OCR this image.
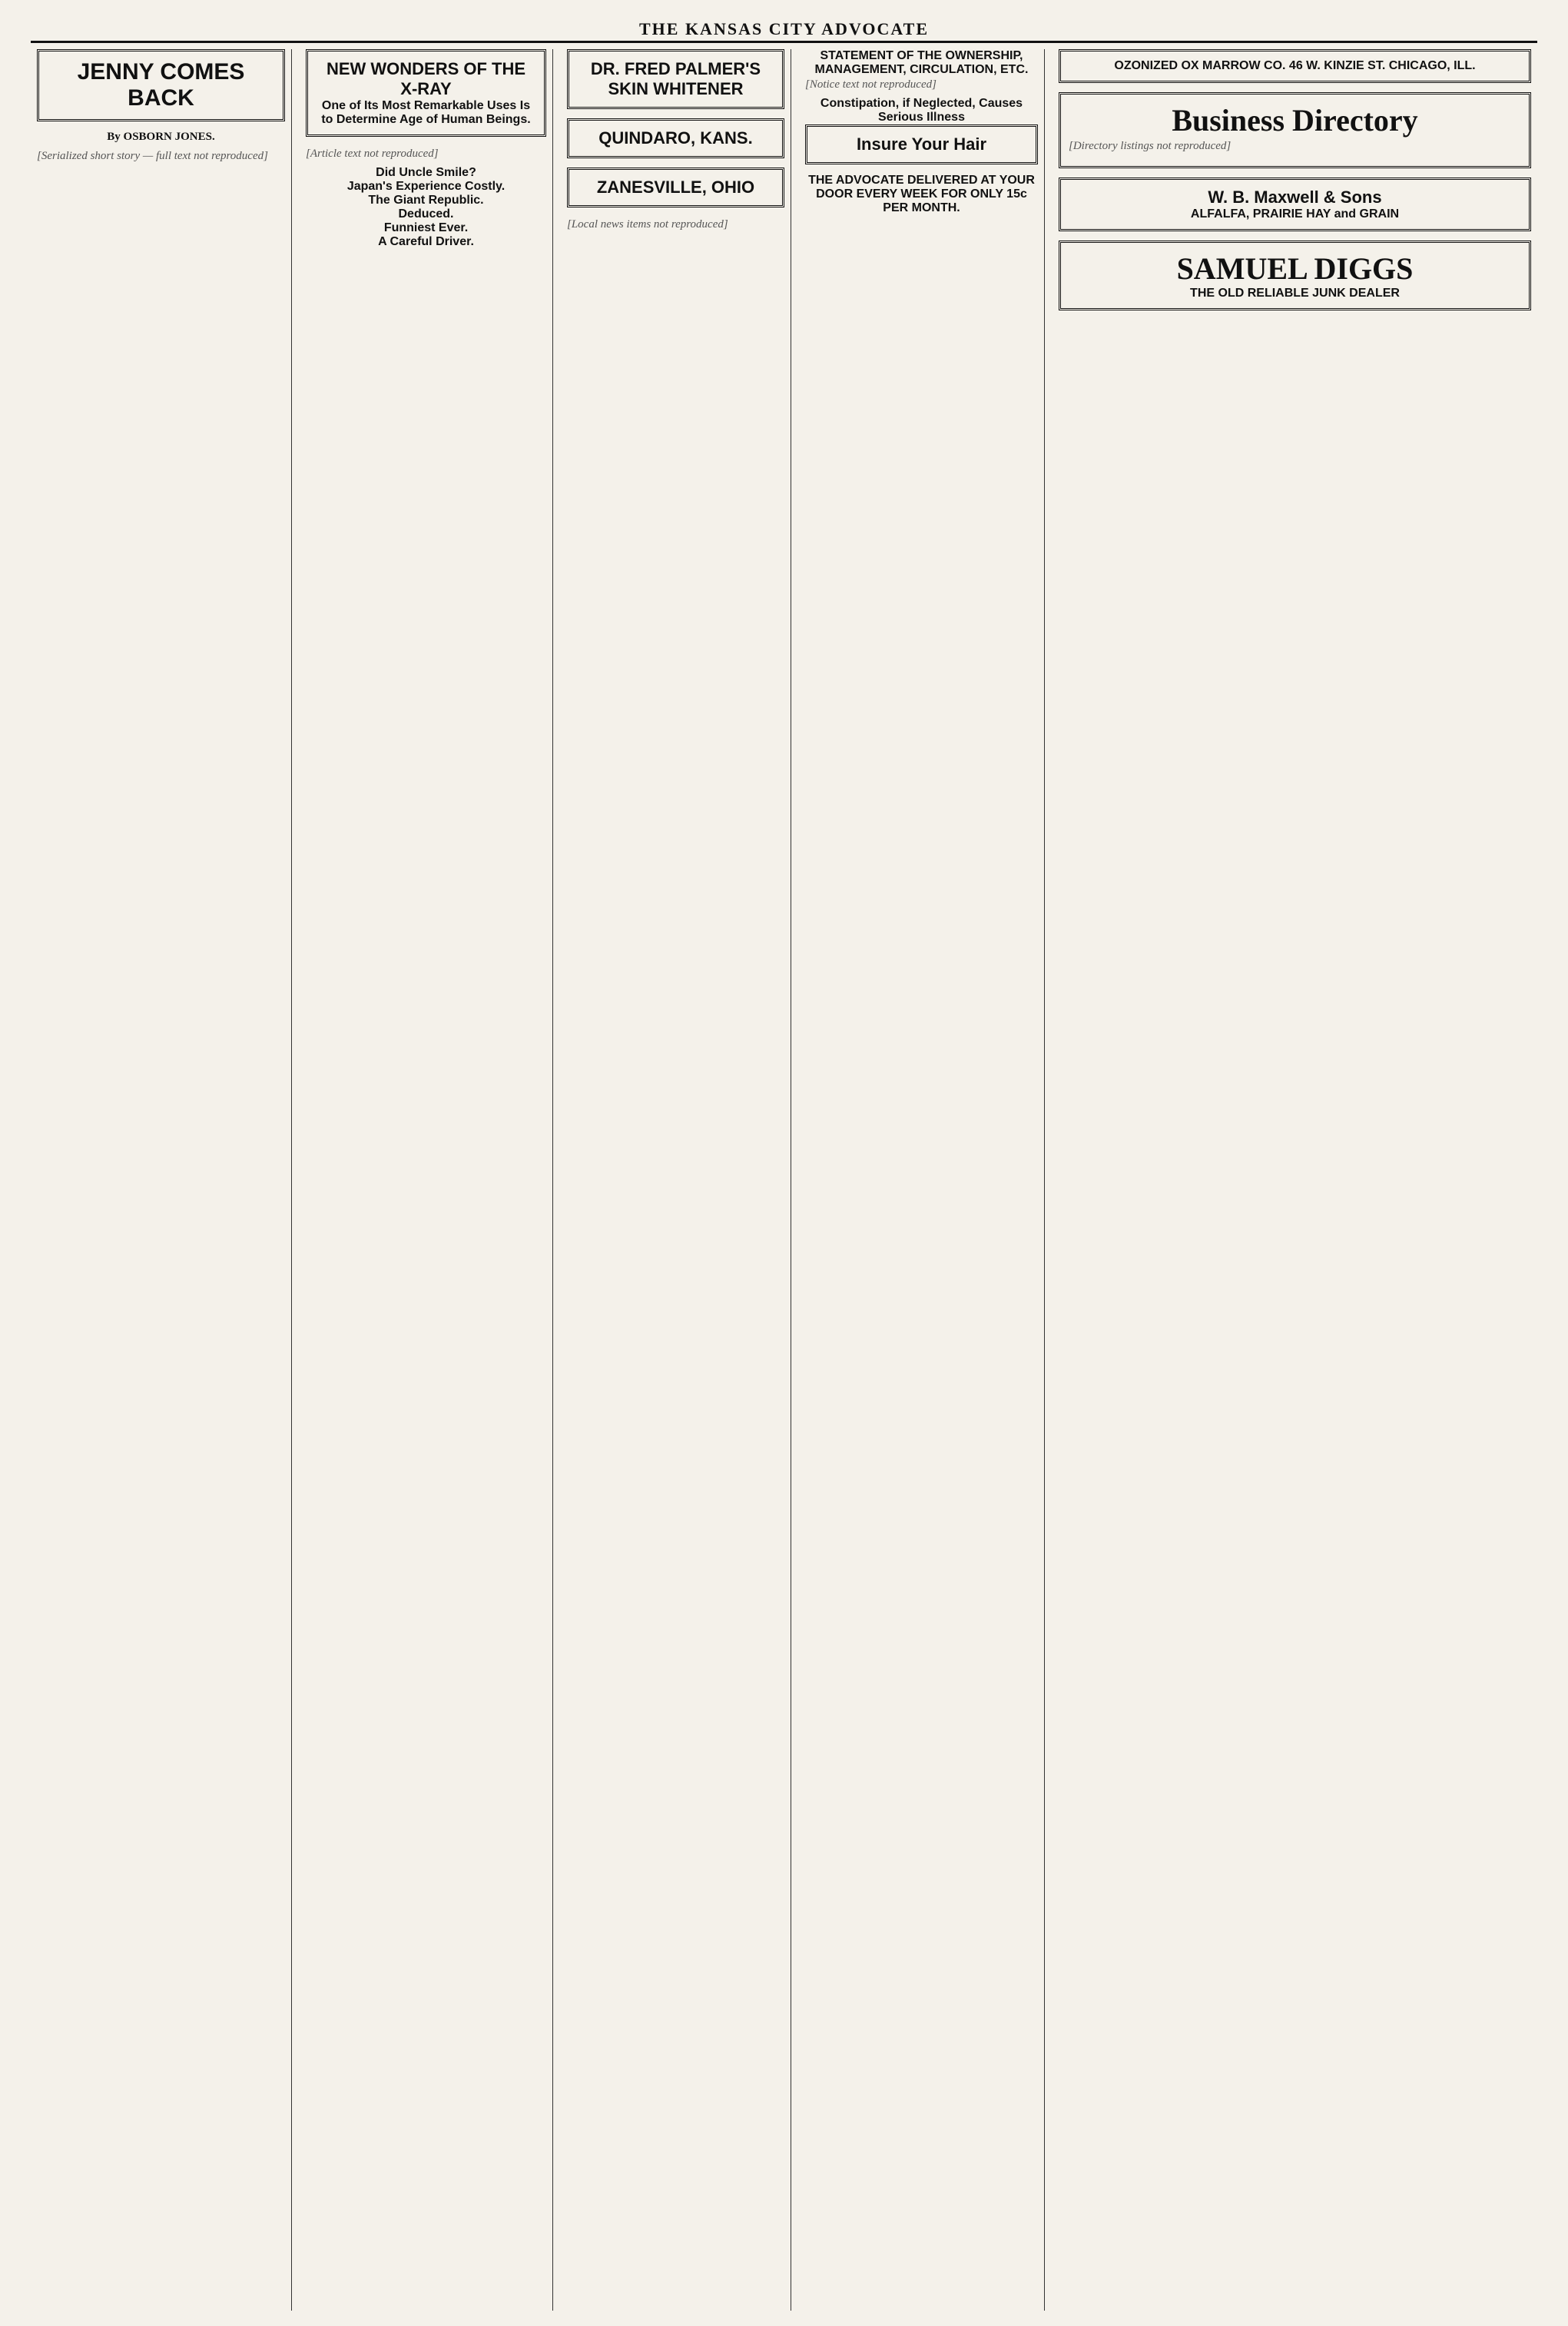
THE KANSAS CITY ADVOCATE
JENNY COMES BACK
By OSBORN JONES.

[Serialized short story — full text not reproduced]

NEW WONDERS OF THE X-RAY
One of Its Most Remarkable Uses Is to Determine Age of Human Beings.

[Article text not reproduced]

Did Uncle Smile?
Japan's Experience Costly.
The Giant Republic.
Deduced.
Funniest Ever.
A Careful Driver.
DR. FRED PALMER'S SKIN WHITENER
QUINDARO, KANS.
ZANESVILLE, OHIO

[Local news items not reproduced]

STATEMENT OF THE OWNERSHIP, MANAGEMENT, CIRCULATION, ETC.

[Notice text not reproduced]

Constipation, if Neglected, Causes Serious Illness
Insure Your Hair
THE ADVOCATE DELIVERED AT YOUR DOOR EVERY WEEK FOR ONLY 15c PER MONTH.
OZONIZED OX MARROW CO. 46 W. KINZIE ST. CHICAGO, ILL.
Business Directory

[Directory listings not reproduced]

W. B. Maxwell & Sons
ALFALFA, PRAIRIE HAY and GRAIN
SAMUEL DIGGS
THE OLD RELIABLE JUNK DEALER
